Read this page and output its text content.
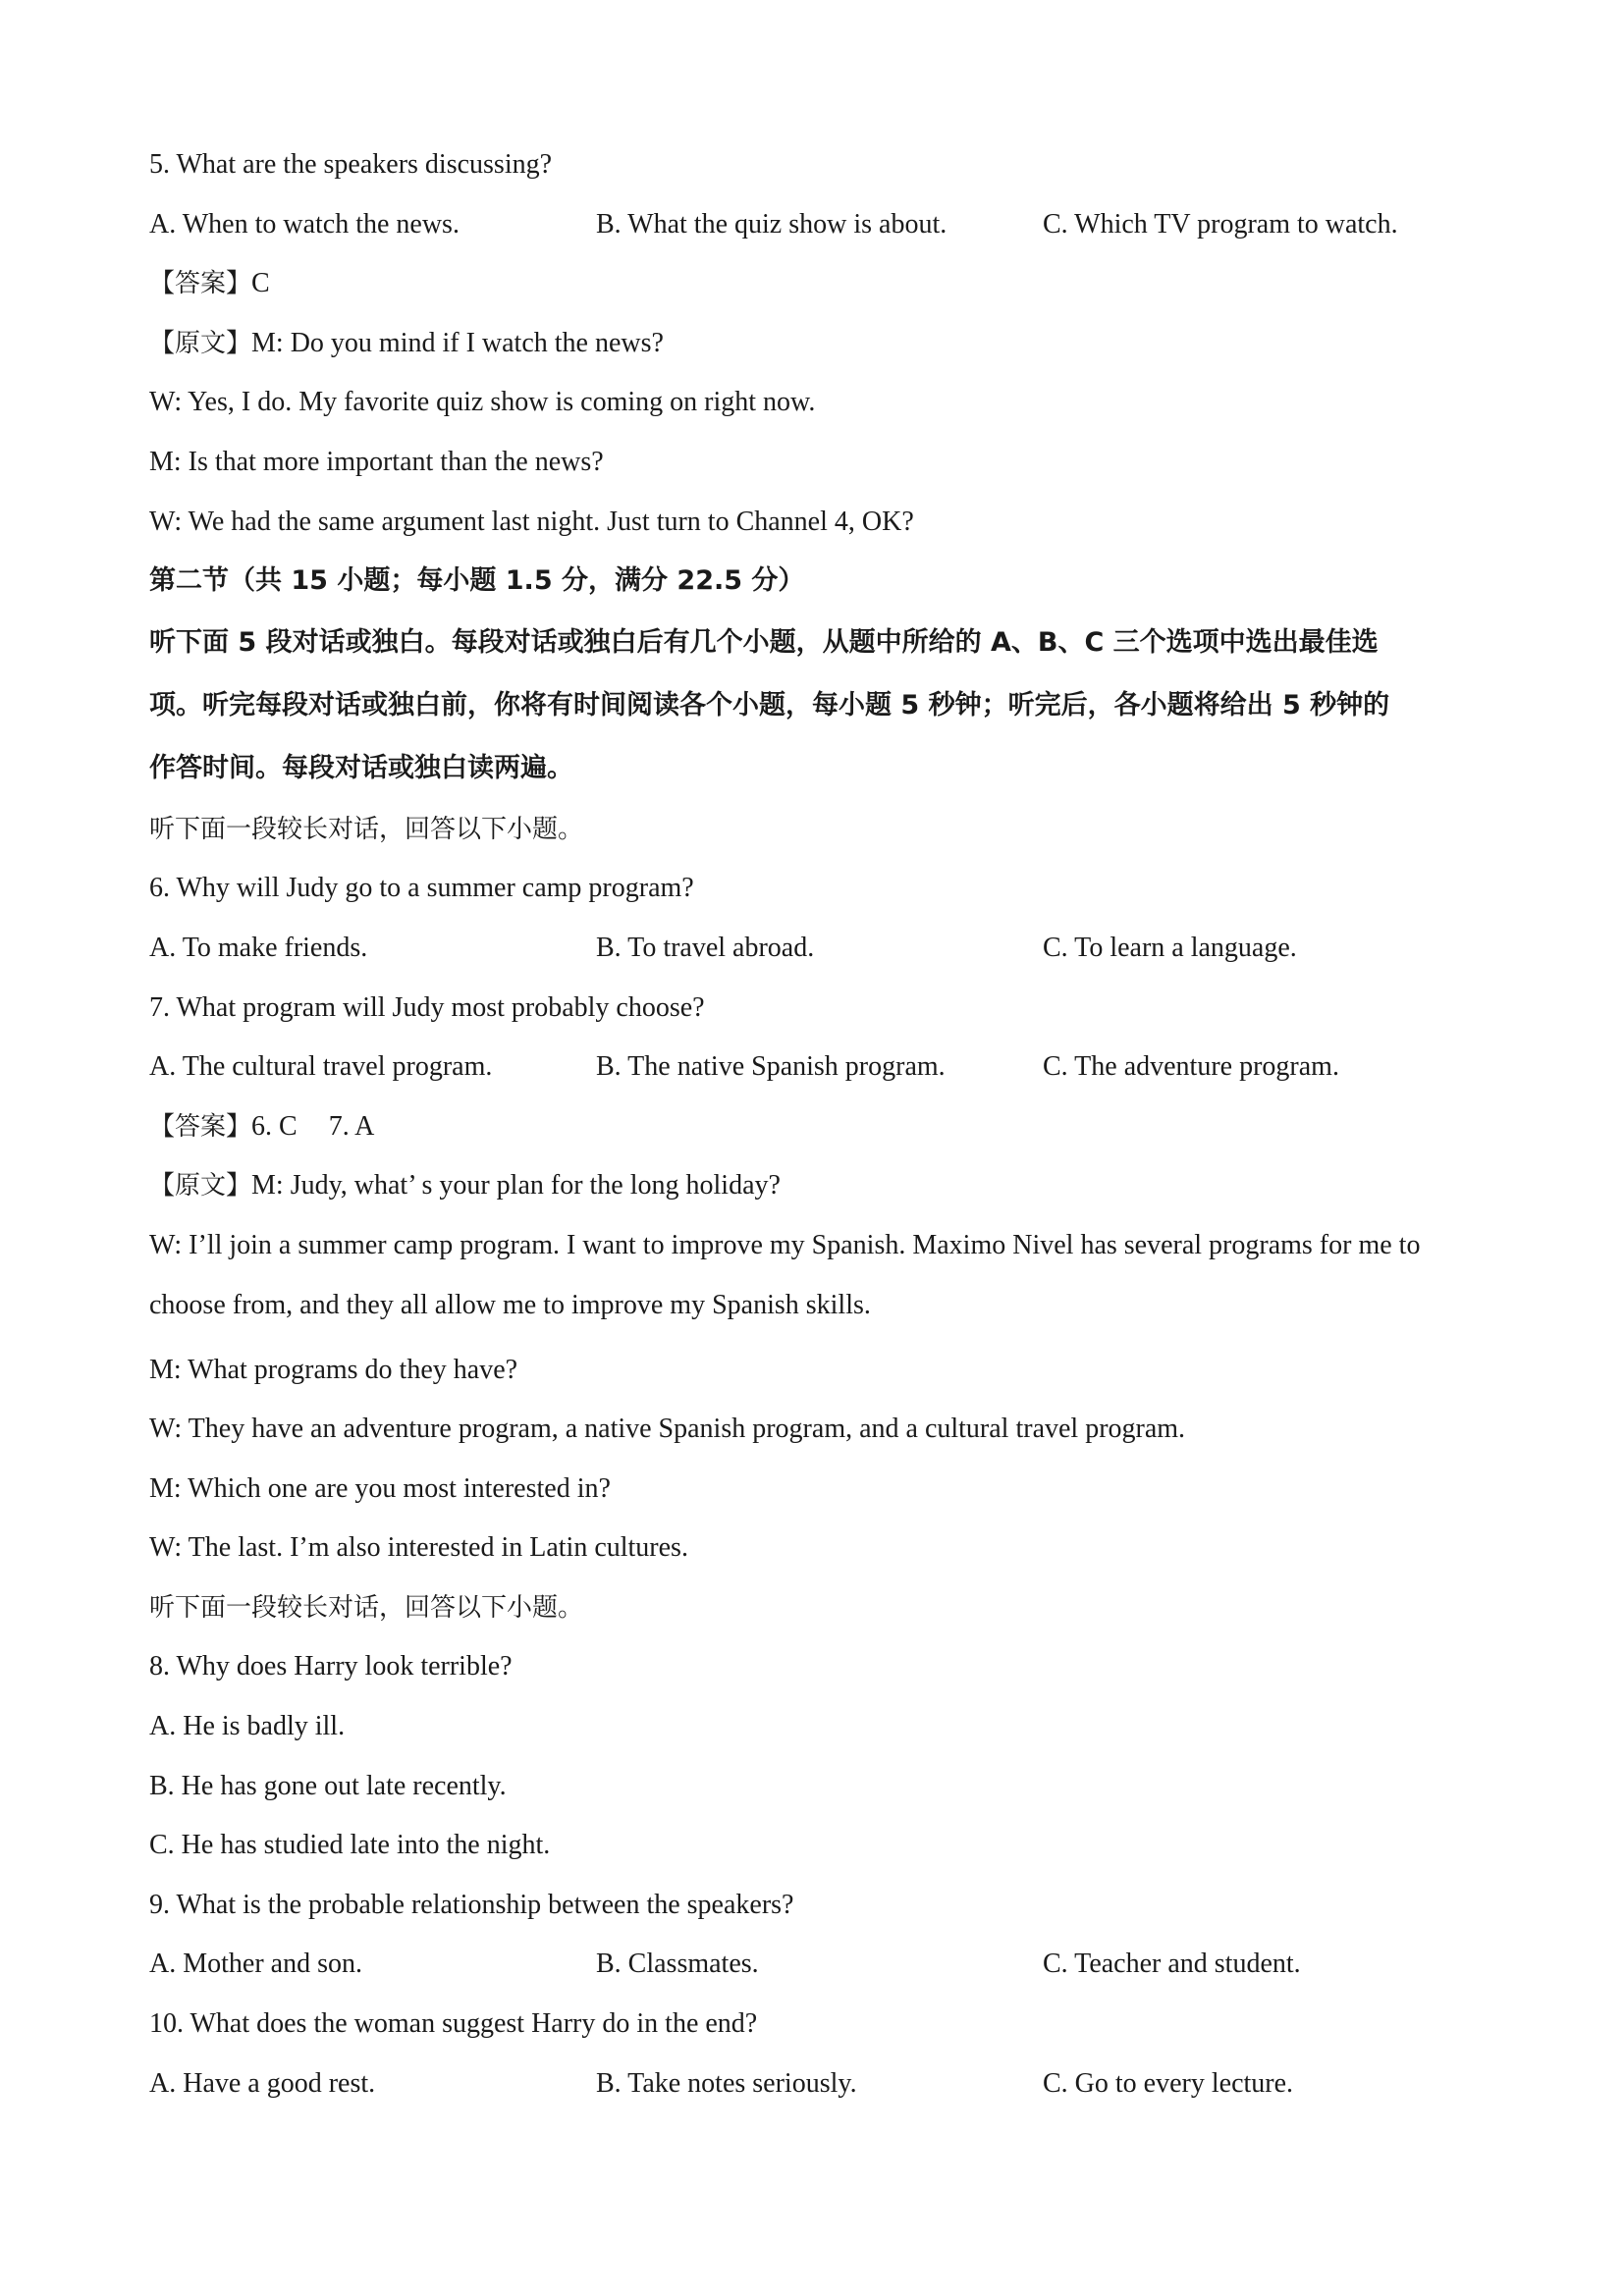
5. What are the speakers discussing?
A. When to watch the news.	B. What the quiz show is about.	C. Which TV program to watch.
【答案】C
【原文】M: Do you mind if I watch the news?
W: Yes, I do. My favorite quiz show is coming on right now.
M: Is that more important than the news?
W: We had the same argument last night. Just turn to Channel 4, OK?
第二节（共 15 小题；每小题 1.5 分，满分 22.5 分）
听下面 5 段对话或独白。每段对话或独白后有几个小题，从题中所给的 A、B、C 三个选项中选出最佳选
项。听完每段对话或独白前，你将有时间阅读各个小题，每小题 5 秒钟；听完后，各小题将给出 5 秒钟的
作答时间。每段对话或独白读两遍。
听下面一段较长对话，回答以下小题。
6. Why will Judy go to a summer camp program?
A. To make friends.	B. To travel abroad.	C. To learn a language.
7. What program will Judy most probably choose?
A. The cultural travel program.	B. The native Spanish program.	C. The adventure program.
【答案】6. C 7. A
【原文】M: Judy, what’ s your plan for the long holiday?
W: I’ll join a summer camp program. I want to improve my Spanish. Maximo Nivel has several programs for me to
choose from, and they all allow me to improve my Spanish skills.
M: What programs do they have?
W: They have an adventure program, a native Spanish program, and a cultural travel program.
M: Which one are you most interested in?
W: The last. I’m also interested in Latin cultures.
听下面一段较长对话，回答以下小题。
8. Why does Harry look terrible?
A. He is badly ill.
B. He has gone out late recently.
C. He has studied late into the night.
9. What is the probable relationship between the speakers?
A. Mother and son.	B. Classmates.	C. Teacher and student.
10. What does the woman suggest Harry do in the end?
A. Have a good rest.	B. Take notes seriously.	C. Go to every lecture.
